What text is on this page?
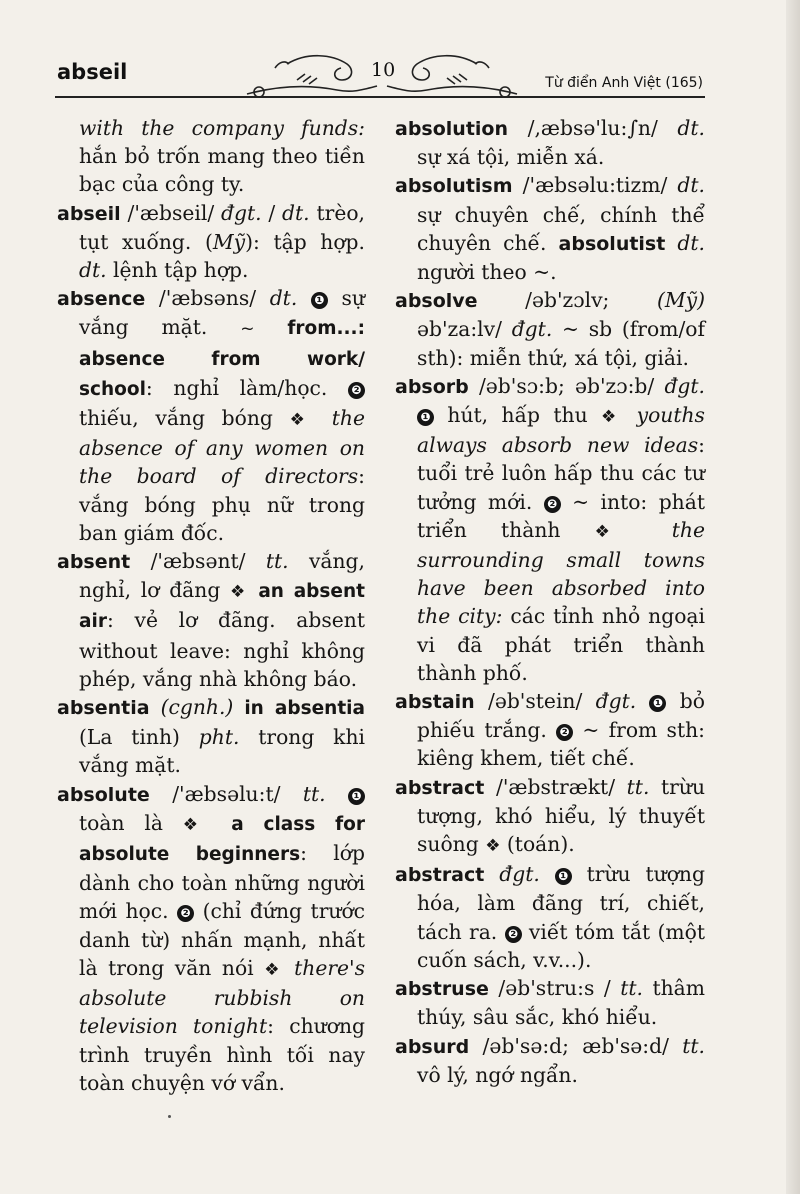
abseil	10
Từ điển Anh Việt (165)
with the company funds: hắn bỏ trốn mang theo tiền bạc của công ty.
abseil /'æbseil/ đgt. / dt. trèo, tụt xuống. (Mỹ): tập hợp. dt. lệnh tập hợp.
absence /'æbsəns/ dt. ❶ sự vắng mặt. ~ from...: absence from work/ school: nghỉ làm/học. ❷ thiếu, vắng bóng ❖ the absence of any women on the board of directors: vắng bóng phụ nữ trong ban giám đốc.
absent /'æbsənt/ tt. vắng, nghỉ, lơ đãng ❖ an absent air: vẻ lơ đãng. absent without leave: nghỉ không phép, vắng nhà không báo.
absentia (cgnh.) in absentia (La tinh) pht. trong khi vắng mặt.
absolute /'æbsəlu:t/ tt. ❶ toàn là ❖ a class for absolute beginners: lớp dành cho toàn những người mới học. ❷ (chỉ đứng trước danh từ) nhấn mạnh, nhất là trong văn nói ❖ there's absolute rubbish on television tonight: chương trình truyền hình tối nay toàn chuyện vớ vẩn.
absolution /,æbsə'lu:∫n/ dt. sự xá tội, miễn xá.
absolutism /'æbsəlu:tizm/ dt. sự chuyên chế, chính thể chuyên chế. absolutist dt. người theo ~.
absolve /əb'zɔlv; (Mỹ) əb'za:lv/ đgt. ~ sb (from/of sth): miễn thứ, xá tội, giải.
absorb /əb'sɔ:b; əb'zɔ:b/ đgt. ❶ hút, hấp thu ❖ youths always absorb new ideas: tuổi trẻ luôn hấp thu các tư tưởng mới. ❷ ~ into: phát triển thành ❖ the surrounding small towns have been absorbed into the city: các tỉnh nhỏ ngoại vi đã phát triển thành thành phố.
abstain /əb'stein/ đgt. ❶ bỏ phiếu trắng. ❷ ~ from sth: kiêng khem, tiết chế.
abstract /'æbstrækt/ tt. trừu tượng, khó hiểu, lý thuyết suông ❖ (toán).
abstract đgt. ❶ trừu tượng hóa, làm đãng trí, chiết, tách ra. ❷ viết tóm tắt (một cuốn sách, v.v...).
abstruse /əb'stru:s / tt. thâm thúy, sâu sắc, khó hiểu.
absurd /əb'sə:d; æb'sə:d/ tt. vô lý, ngớ ngẩn.
